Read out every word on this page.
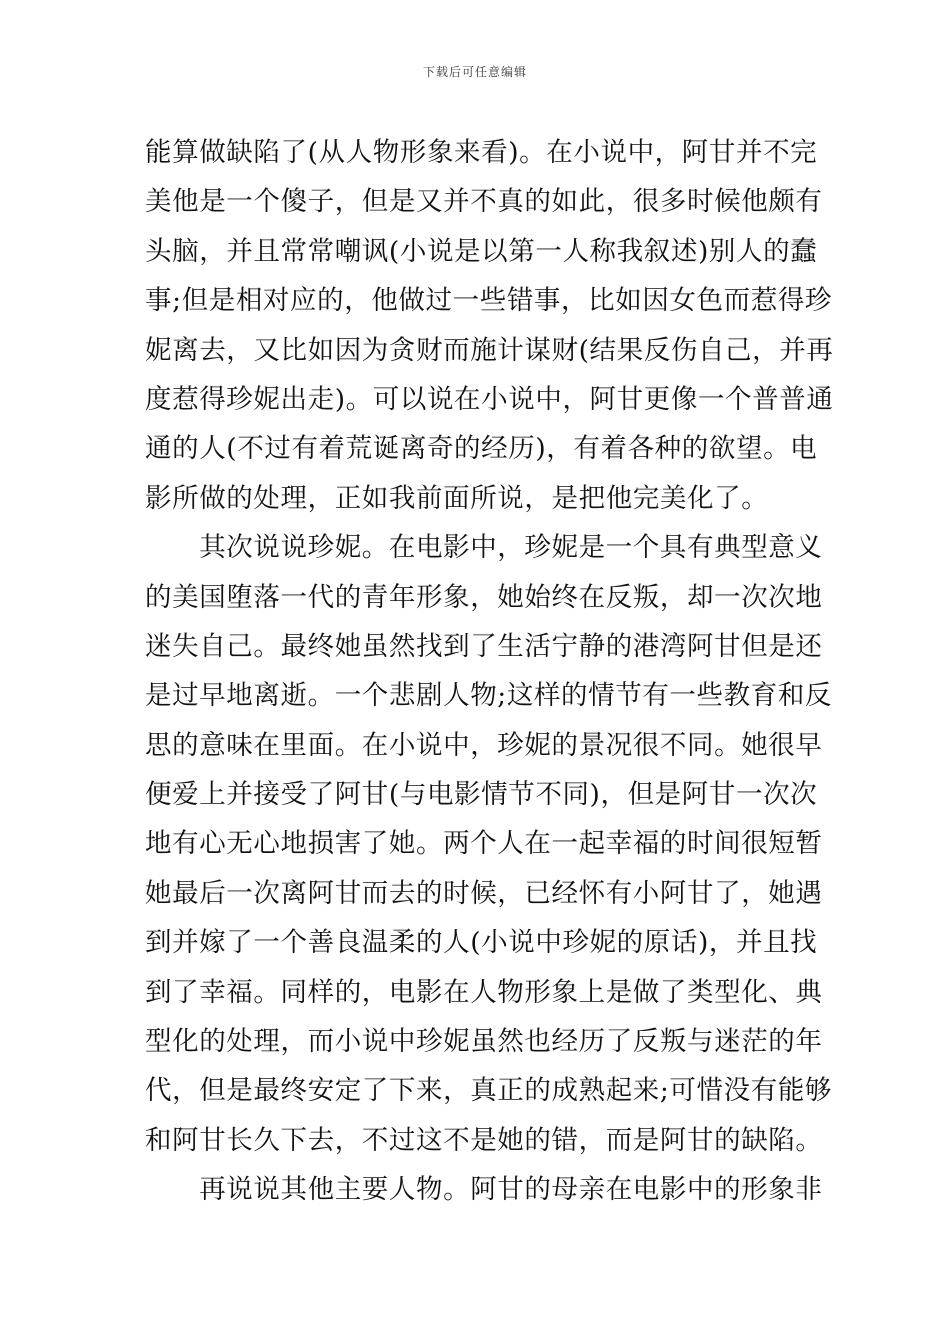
下载后可任意编辑
能算做缺陷了(从人物形象来看)。在小说中，阿甘并不完
美他是一个傻子，但是又并不真的如此，很多时候他颇有
头脑，并且常常嘲讽(小说是以第一人称我叙述)别人的蠢
事;但是相对应的，他做过一些错事，比如因女色而惹得珍
妮离去，又比如因为贪财而施计谋财(结果反伤自己，并再
度惹得珍妮出走)。可以说在小说中，阿甘更像一个普普通
通的人(不过有着荒诞离奇的经历)，有着各种的欲望。电
影所做的处理，正如我前面所说，是把他完美化了。
　　其次说说珍妮。在电影中，珍妮是一个具有典型意义
的美国堕落一代的青年形象，她始终在反叛，却一次次地
迷失自己。最终她虽然找到了生活宁静的港湾阿甘但是还
是过早地离逝。一个悲剧人物;这样的情节有一些教育和反
思的意味在里面。在小说中，珍妮的景况很不同。她很早
便爱上并接受了阿甘(与电影情节不同)，但是阿甘一次次
地有心无心地损害了她。两个人在一起幸福的时间很短暂
她最后一次离阿甘而去的时候，已经怀有小阿甘了，她遇
到并嫁了一个善良温柔的人(小说中珍妮的原话)，并且找
到了幸福。同样的，电影在人物形象上是做了类型化、典
型化的处理，而小说中珍妮虽然也经历了反叛与迷茫的年
代，但是最终安定了下来，真正的成熟起来;可惜没有能够
和阿甘长久下去，不过这不是她的错，而是阿甘的缺陷。
　　再说说其他主要人物。阿甘的母亲在电影中的形象非
